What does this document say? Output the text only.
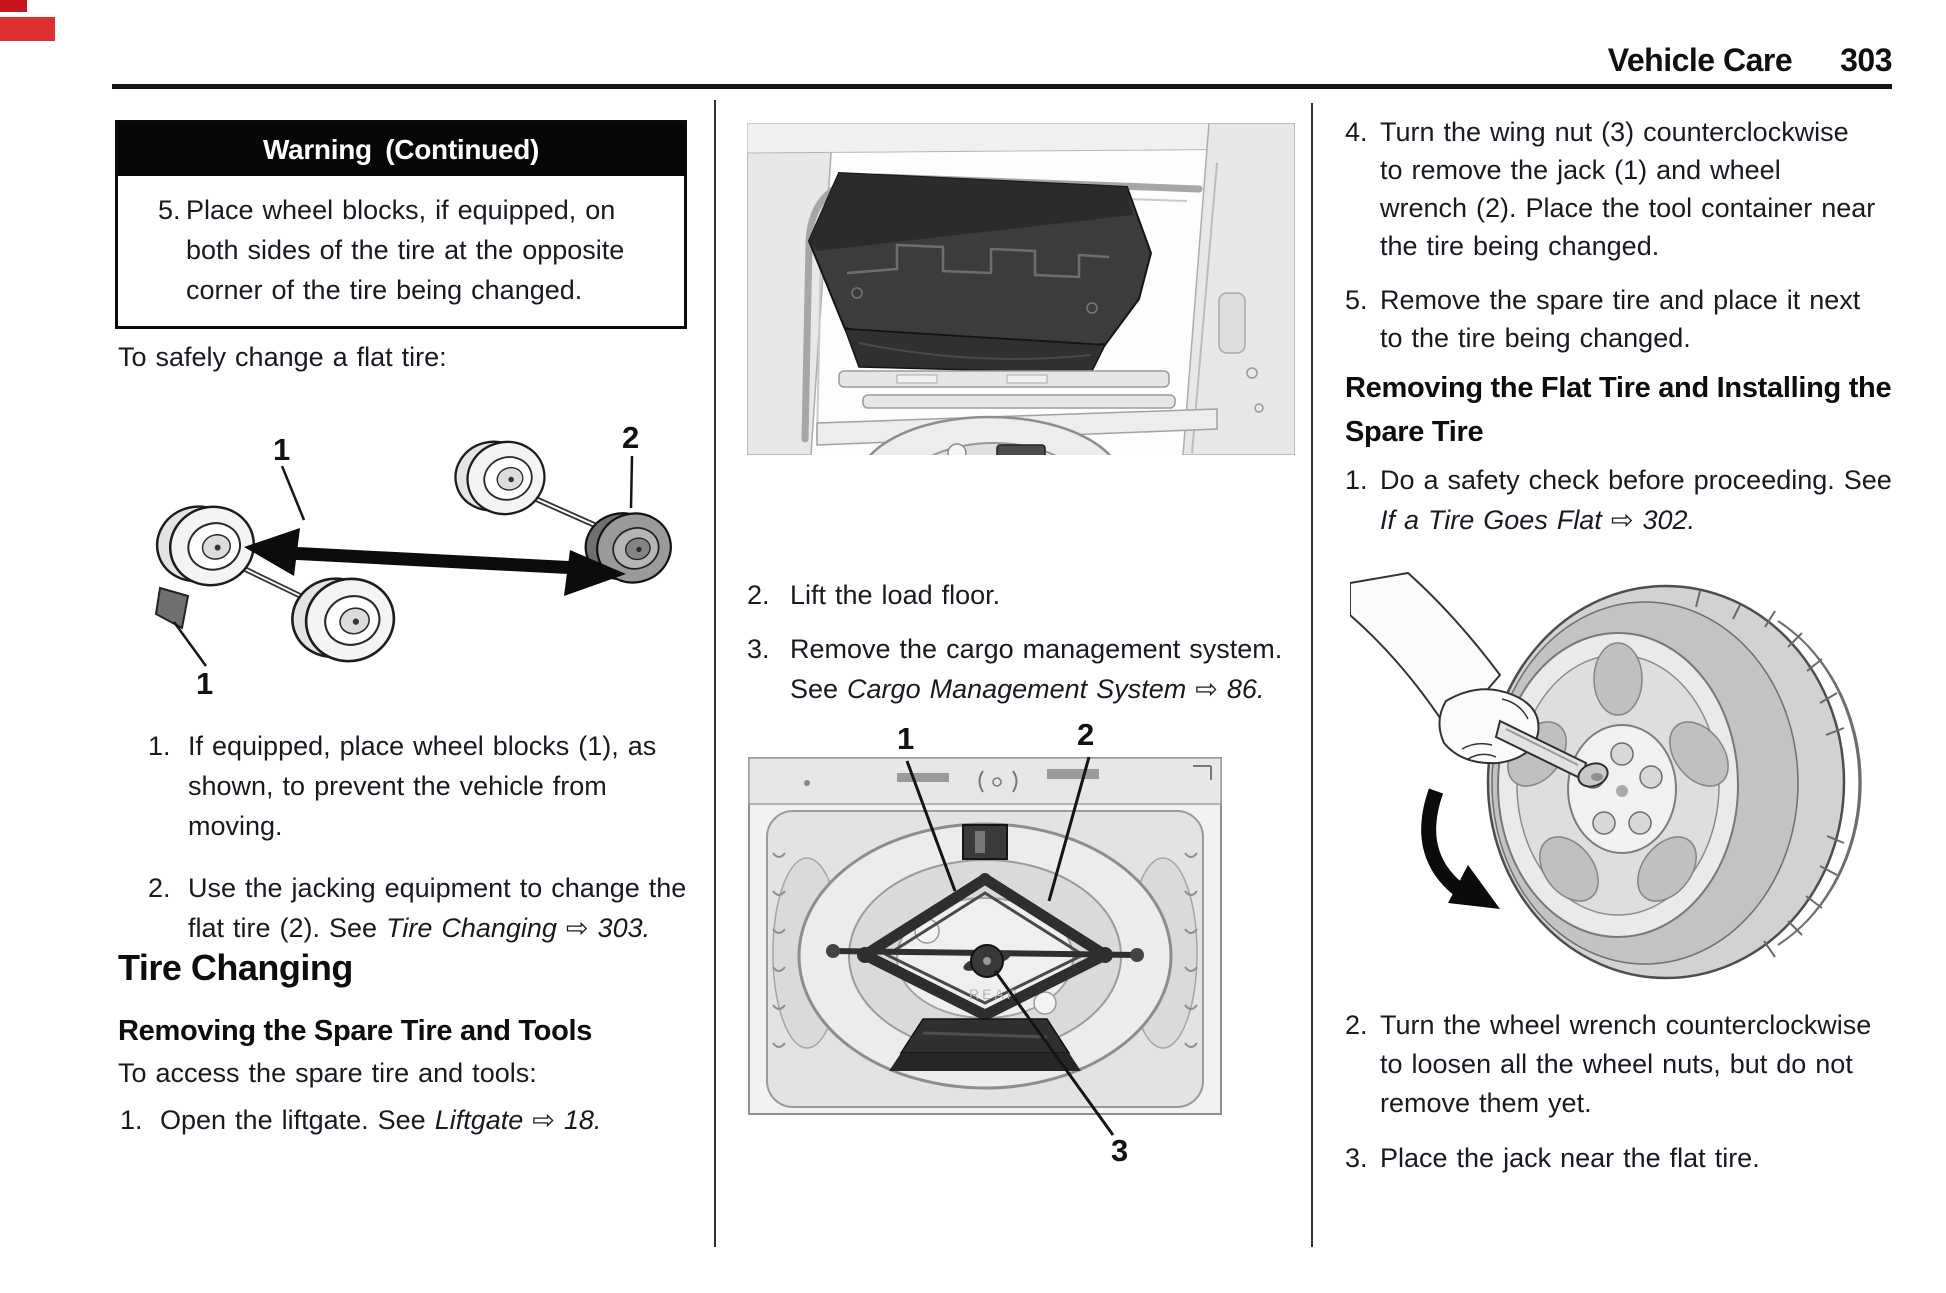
Vehicle Care 303
Warning (Continued)
5. Place wheel blocks, if equipped, on
both sides of the tire at the opposite
corner of the tire being changed.
To safely change a flat tire:
1	2
1
1. If equipped, place wheel blocks (1), as
shown, to prevent the vehicle from
moving.
2. Use the jacking equipment to change the
flat tire (2). See Tire Changing ⇨ 303.
Tire Changing
Removing the Spare Tire and Tools
To access the spare tire and tools:
1. Open the liftgate. See Liftgate ⇨ 18.
2. Lift the load floor.
3. Remove the cargo management system.
See Cargo Management System ⇨ 86.
REAR
1	2
3
4. Turn the wing nut (3) counterclockwise
to remove the jack (1) and wheel
wrench (2). Place the tool container near
the tire being changed.
5. Remove the spare tire and place it next
to the tire being changed.
Removing the Flat Tire and Installing the
Spare Tire
1. Do a safety check before proceeding. See
If a Tire Goes Flat ⇨ 302.
2. Turn the wheel wrench counterclockwise
to loosen all the wheel nuts, but do not
remove them yet.
3. Place the jack near the flat tire.
